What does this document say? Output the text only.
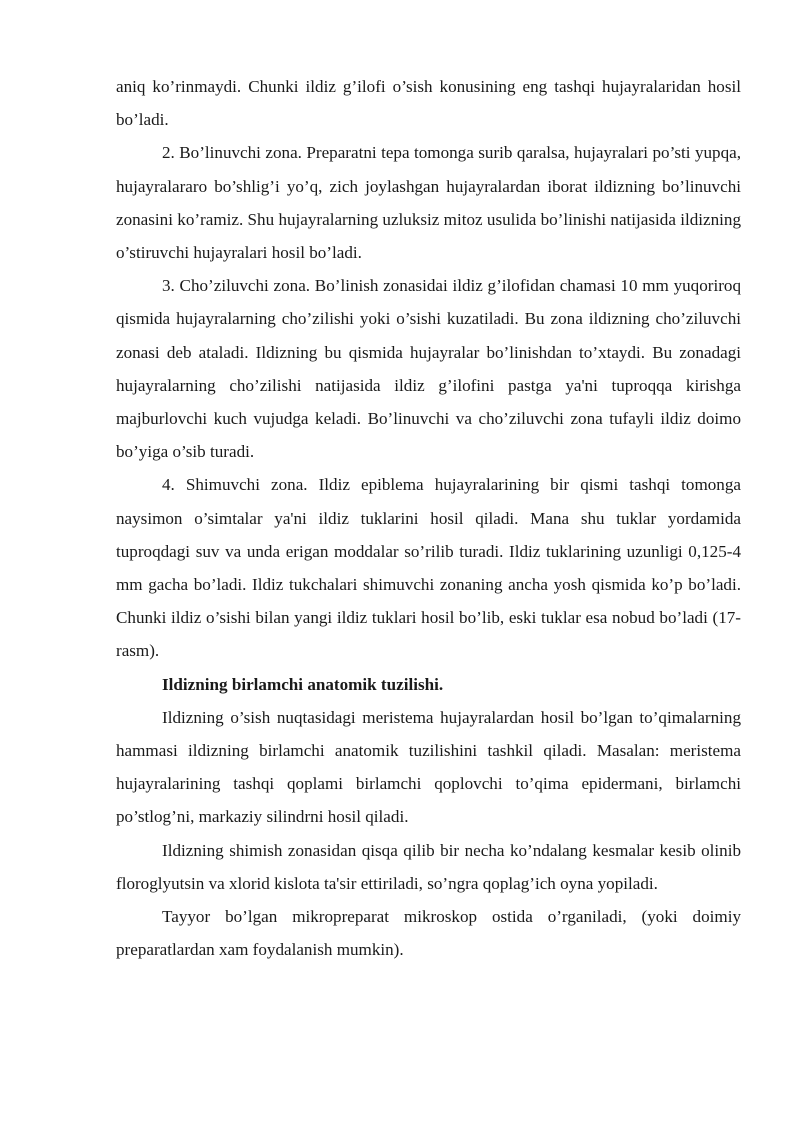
aniq ko’rinmaydi. Chunki ildiz g’ilofi o’sish konusining eng tashqi hujayralaridan hosil bo’ladi.

2. Bo’linuvchi zona. Preparatni tepa tomonga surib qaralsa, hujayralari po’sti yupqa, hujayralararo bo’shlig’i yo’q, zich joylashgan hujayralardan iborat ildizning bo’linuvchi zonasini ko’ramiz. Shu hujayralarning uzluksiz mitoz usulida bo’linishi natijasida ildizning o’stiruvchi hujayralari hosil bo’ladi.

3. Cho’ziluvchi zona. Bo’linish zonasidai ildiz g’ilofidan chamasi 10 mm yuqoriroq qismida hujayralarning cho’zilishi yoki o’sishi kuzatiladi. Bu zona ildizning cho’ziluvchi zonasi deb ataladi. Ildizning bu qismida hujayralar bo’linishdan to’xtaydi. Bu zonadagi hujayralarning cho’zilishi natijasida ildiz g’ilofini pastga ya'ni tuproqqa kirishga majburlovchi kuch vujudga keladi. Bo’linuvchi va cho’ziluvchi zona tufayli ildiz doimo bo’yiga o’sib turadi.

4. Shimuvchi zona. Ildiz epiblema hujayralarining bir qismi tashqi tomonga naysimon o’simtalar ya'ni ildiz tuklarini hosil qiladi. Mana shu tuklar yordamida tuproqdagi suv va unda erigan moddalar so’rilib turadi. Ildiz tuklarining uzunligi 0,125-4 mm gacha bo’ladi. Ildiz tukchalari shimuvchi zonaning ancha yosh qismida ko’p bo’ladi. Chunki ildiz o’sishi bilan yangi ildiz tuklari hosil bo’lib, eski tuklar esa nobud bo’ladi (17-rasm).

Ildizning birlamchi anatomik tuzilishi.

Ildizning o’sish nuqtasidagi meristema hujayralardan hosil bo’lgan to’qimalarning hammasi ildizning birlamchi anatomik tuzilishini tashkil qiladi. Masalan: meristema hujayralarining tashqi qoplami birlamchi qoplovchi to’qima epidermani, birlamchi po’stlog’ni, markaziy silindrni hosil qiladi.

Ildizning shimish zonasidan qisqa qilib bir necha ko’ndalang kesmalar kesib olinib floroglyutsin va xlorid kislota ta'sir ettiriladi, so’ngra qoplag’ich oyna yopiladi.

Tayyor bo’lgan mikropreparat mikroskop ostida o’rganiladi, (yoki doimiy preparatlardan xam foydalanish mumkin).
